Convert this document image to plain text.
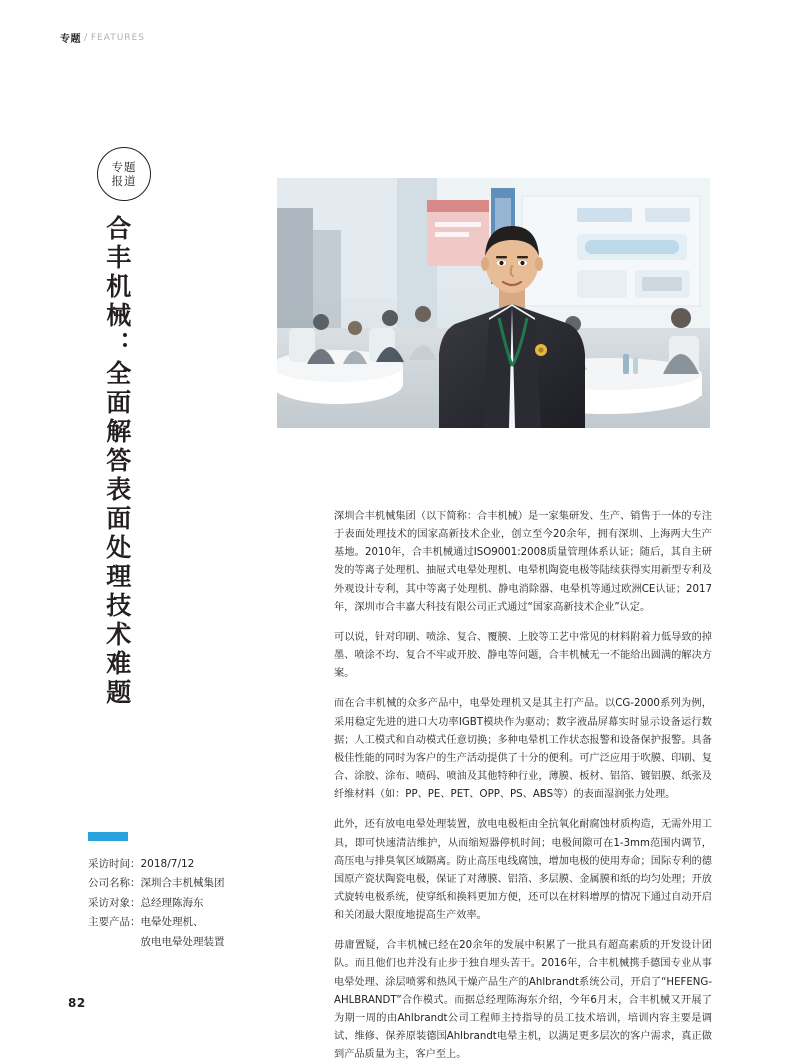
专题 / FEATURES
专题
报道
合丰机械：全面解答表面处理技术难题
采访时间：2018/7/12
公司名称：深圳合丰机械集团
采访对象：总经理陈海东
主要产品：电晕处理机、
　　　　　放电电晕处理装置
82

深圳合丰机械集团（以下简称：合丰机械）是一家集研发、生产、销售于一体的专注于表面处理技术的国家高新技术企业，创立至今20余年，拥有深圳、上海两大生产基地。2010年，合丰机械通过ISO9001:2008质量管理体系认证；随后，其自主研发的等离子处理机、抽屉式电晕处理机、电晕机陶瓷电极等陆续获得实用新型专利及外观设计专利，其中等离子处理机、静电消除器、电晕机等通过欧洲CE认证；2017年，深圳市合丰嘉大科技有限公司正式通过“国家高新技术企业”认定。

可以说，针对印刷、喷涂、复合、覆膜、上胶等工艺中常见的材料附着力低导致的掉墨、喷涂不均、复合不牢或开胶、静电等问题，合丰机械无一不能给出圆满的解决方案。

而在合丰机械的众多产品中，电晕处理机又是其主打产品。以CG-2000系列为例，采用稳定先进的进口大功率IGBT模块作为驱动；数字液晶屏幕实时显示设备运行数据；人工模式和自动模式任意切换；多种电晕机工作状态报警和设备保护报警。具备极佳性能的同时为客户的生产活动提供了十分的便利。可广泛应用于吹膜、印刷、复合、涂胶、涂布、喷码、喷油及其他特种行业，薄膜、板材、铝箔、镀铝膜、纸张及纤维材料（如：PP、PE、PET、OPP、PS、ABS等）的表面湿润张力处理。

此外，还有放电电晕处理装置，放电电极柜由全抗氧化耐腐蚀材质构造，无需外用工具，即可快速清洁维护，从而缩短器停机时间；电极间隙可在1-3mm范围内调节，高压电与排臭氧区域隔离。防止高压电线腐蚀，增加电极的使用寿命；国际专利的德国原产瓷状陶瓷电极，保证了对薄膜、铝箔、多层膜、金属膜和纸的均匀处理；开放式旋转电极系统，使穿纸和换料更加方便，还可以在材料增厚的情况下通过自动开启和关闭最大限度地提高生产效率。

毋庸置疑，合丰机械已经在20余年的发展中积累了一批具有超高素质的开发设计团队。而且他们也并没有止步于独自埋头苦干。2016年，合丰机械携手德国专业从事电晕处理、涂层喷雾和热风干燥产品生产的Ahlbrandt系统公司，开启了“HEFENG-AHLBRANDT”合作模式。而据总经理陈海东介绍，今年6月末，合丰机械又开展了为期一周的由Ahlbrandt公司工程师主持指导的员工技术培训，培训内容主要是调试、维修、保养原装德国Ahlbrandt电晕主机，以满足更多层次的客户需求，真正做到产品质量为主，客户至上。
